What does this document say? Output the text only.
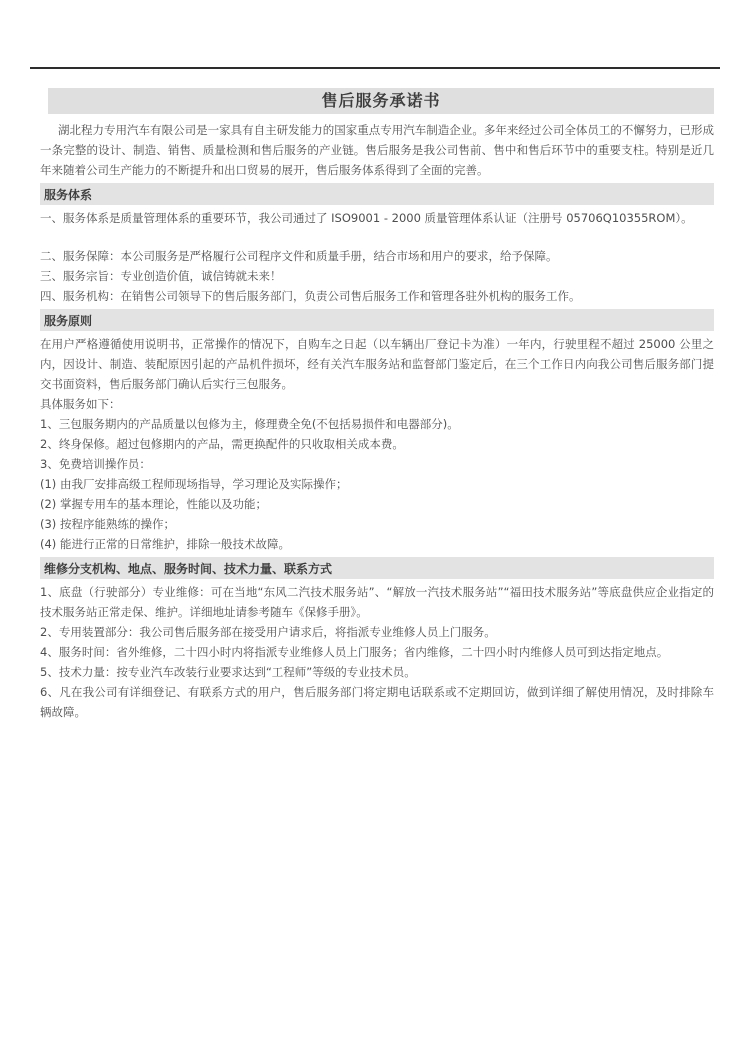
售后服务承诺书
湖北程力专用汽车有限公司是一家具有自主研发能力的国家重点专用汽车制造企业。多年来经过公司全体员工的不懈努力，已形成一条完整的设计、制造、销售、质量检测和售后服务的产业链。售后服务是我公司售前、售中和售后环节中的重要支柱。特别是近几年来随着公司生产能力的不断提升和出口贸易的展开，售后服务体系得到了全面的完善。
服务体系
一、服务体系是质量管理体系的重要环节，我公司通过了 ISO9001 - 2000 质量管理体系认证（注册号 05706Q10355ROM）。
二、服务保障：本公司服务是严格履行公司程序文件和质量手册，结合市场和用户的要求，给予保障。
三、服务宗旨：专业创造价值，诚信铸就未来！
四、服务机构：在销售公司领导下的售后服务部门，负责公司售后服务工作和管理各驻外机构的服务工作。
服务原则
在用户严格遵循使用说明书，正常操作的情况下，自购车之日起（以车辆出厂登记卡为准）一年内，行驶里程不超过 25000 公里之内，因设计、制造、装配原因引起的产品机件损坏，经有关汽车服务站和监督部门鉴定后，在三个工作日内向我公司售后服务部门提交书面资料，售后服务部门确认后实行三包服务。
具体服务如下：
1、三包服务期内的产品质量以包修为主，修理费全免(不包括易损件和电器部分)。
2、终身保修。超过包修期内的产品，需更换配件的只收取相关成本费。
3、免费培训操作员：
(1) 由我厂安排高级工程师现场指导，学习理论及实际操作；
(2) 掌握专用车的基本理论，性能以及功能；
(3) 按程序能熟练的操作；
(4) 能进行正常的日常维护，排除一般技术故障。
维修分支机构、地点、服务时间、技术力量、联系方式
1、底盘（行驶部分）专业维修：可在当地“东风二汽技术服务站”、“解放一汽技术服务站”“福田技术服务站”等底盘供应企业指定的技术服务站正常走保、维护。详细地址请参考随车《保修手册》。
2、专用装置部分：我公司售后服务部在接受用户请求后，将指派专业维修人员上门服务。
4、服务时间：省外维修，二十四小时内将指派专业维修人员上门服务；省内维修，二十四小时内维修人员可到达指定地点。
5、技术力量：按专业汽车改装行业要求达到“工程师”等级的专业技术员。
6、凡在我公司有详细登记、有联系方式的用户，售后服务部门将定期电话联系或不定期回访，做到详细了解使用情况，及时排除车辆故障。
